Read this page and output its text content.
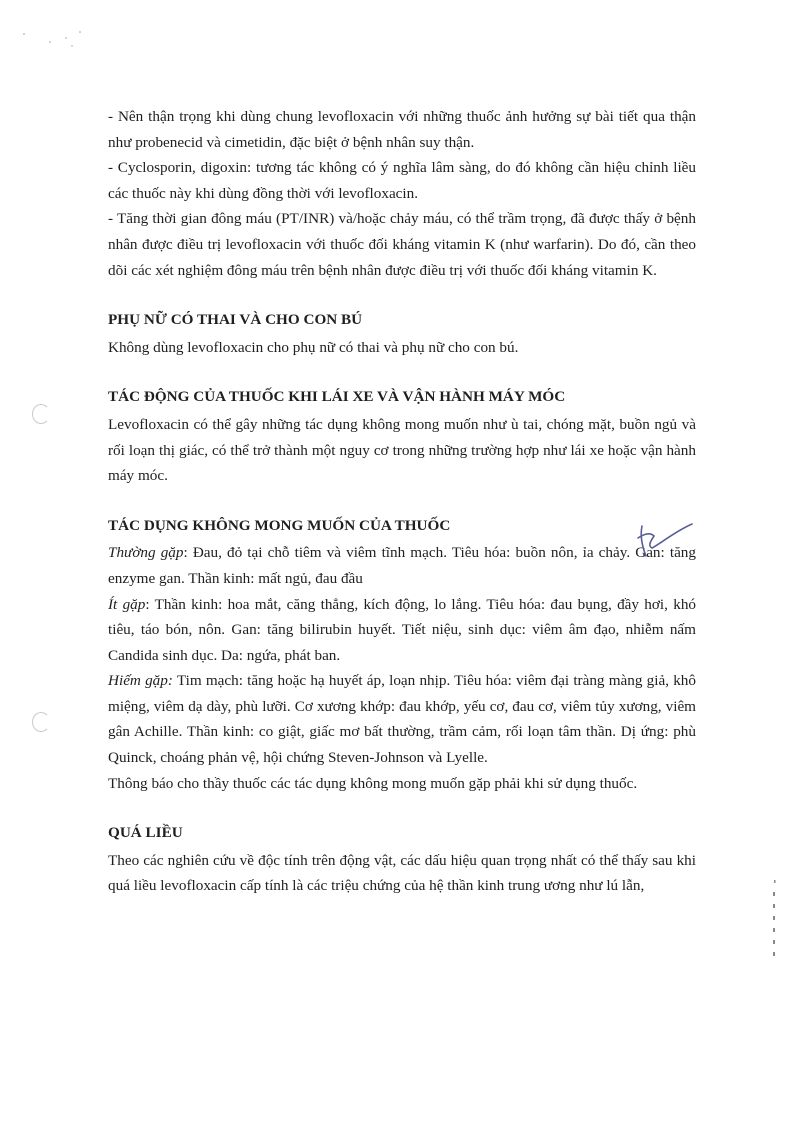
- Nên thận trọng khi dùng chung levofloxacin với những thuốc ảnh hưởng sự bài tiết qua thận như probenecid và cimetidin, đặc biệt ở bệnh nhân suy thận.

- Cyclosporin, digoxin: tương tác không có ý nghĩa lâm sàng, do đó không cần hiệu chỉnh liều các thuốc này khi dùng đồng thời với levofloxacin.

- Tăng thời gian đông máu (PT/INR) và/hoặc chảy máu, có thể trầm trọng, đã được thấy ở bệnh nhân được điều trị levofloxacin với thuốc đối kháng vitamin K (như warfarin). Do đó, cần theo dõi các xét nghiệm đông máu trên bệnh nhân được điều trị với thuốc đối kháng vitamin K.

PHỤ NỮ CÓ THAI VÀ CHO CON BÚ

Không dùng levofloxacin cho phụ nữ có thai và phụ nữ cho con bú.

TÁC ĐỘNG CỦA THUỐC KHI LÁI XE VÀ VẬN HÀNH MÁY MÓC

Levofloxacin có thể gây những tác dụng không mong muốn như ù tai, chóng mặt, buồn ngủ và rối loạn thị giác, có thể trở thành một nguy cơ trong những trường hợp như lái xe hoặc vận hành máy móc.

TÁC DỤNG KHÔNG MONG MUỐN CỦA THUỐC

Thường gặp: Đau, đỏ tại chỗ tiêm và viêm tĩnh mạch. Tiêu hóa: buồn nôn, ỉa chảy. Gan: tăng enzyme gan. Thần kinh: mất ngủ, đau đầu

Ít gặp: Thần kinh: hoa mắt, căng thẳng, kích động, lo lắng. Tiêu hóa: đau bụng, đầy hơi, khó tiêu, táo bón, nôn. Gan: tăng bilirubin huyết. Tiết niệu, sinh dục: viêm âm đạo, nhiễm nấm Candida sinh dục. Da: ngứa, phát ban.

Hiếm gặp: Tim mạch: tăng hoặc hạ huyết áp, loạn nhịp. Tiêu hóa: viêm đại tràng màng giả, khô miệng, viêm dạ dày, phù lưỡi. Cơ xương khớp: đau khớp, yếu cơ, đau cơ, viêm tủy xương, viêm gân Achille. Thần kinh: co giật, giấc mơ bất thường, trầm cảm, rối loạn tâm thần. Dị ứng: phù Quinck, choáng phản vệ, hội chứng Steven-Johnson và Lyelle.

Thông báo cho thầy thuốc các tác dụng không mong muốn gặp phải khi sử dụng thuốc.

QUÁ LIỀU

Theo các nghiên cứu về độc tính trên động vật, các dấu hiệu quan trọng nhất có thể thấy sau khi quá liều levofloxacin cấp tính là các triệu chứng của hệ thần kinh trung ương như lú lẫn,
